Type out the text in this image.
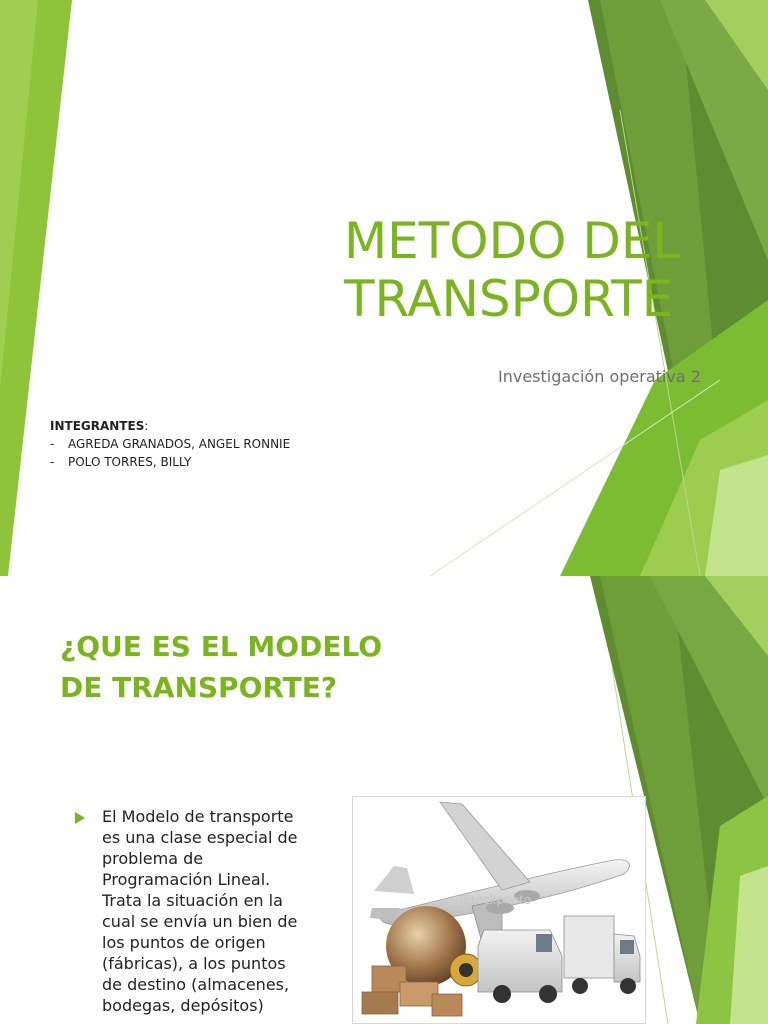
METODO DEL
TRANSPORTE
Investigación operativa 2
INTEGRANTES:
- AGREDA GRANADOS, ANGEL RONNIE
- POLO TORRES, BILLY
¿QUE ES EL MODELO
DE TRANSPORTE?
El Modelo de transporte
es una clase especial de
problema de
Programación Lineal.
Trata la situación en la
cual se envía un bien de
los puntos de origen
(fábricas), a los puntos
de destino (almacenes,
bodegas, depósitos)
iStockphoto
